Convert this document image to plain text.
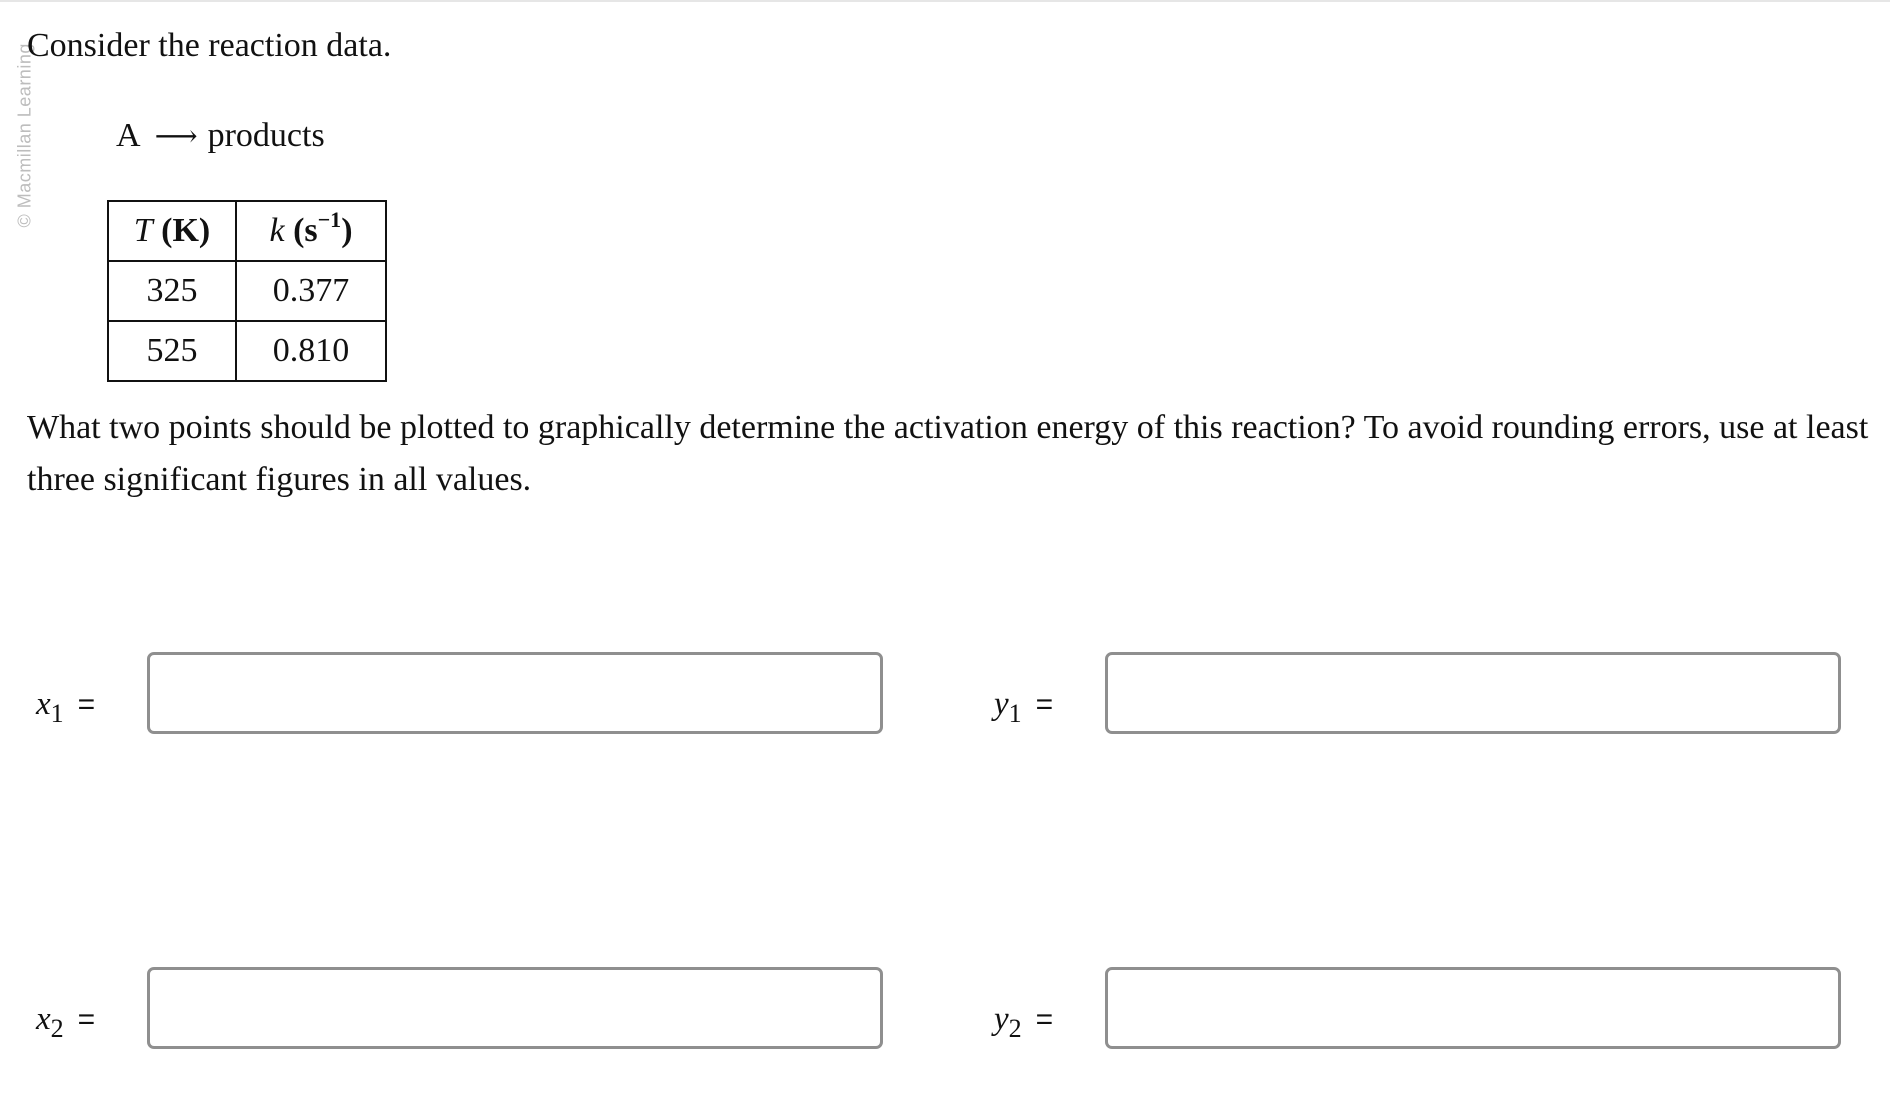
© Macmillan Learning
Consider the reaction data.
A ⟶ products
T (K)	k $(s^{-1})$
325	0.377
525	0.810
What two points should be plotted to graphically determine the activation energy of this reaction? To avoid rounding errors, use at least three significant figures in all values.
$x_1$ =	$y_1$ =
$x_2$ =	$y_2$ =
